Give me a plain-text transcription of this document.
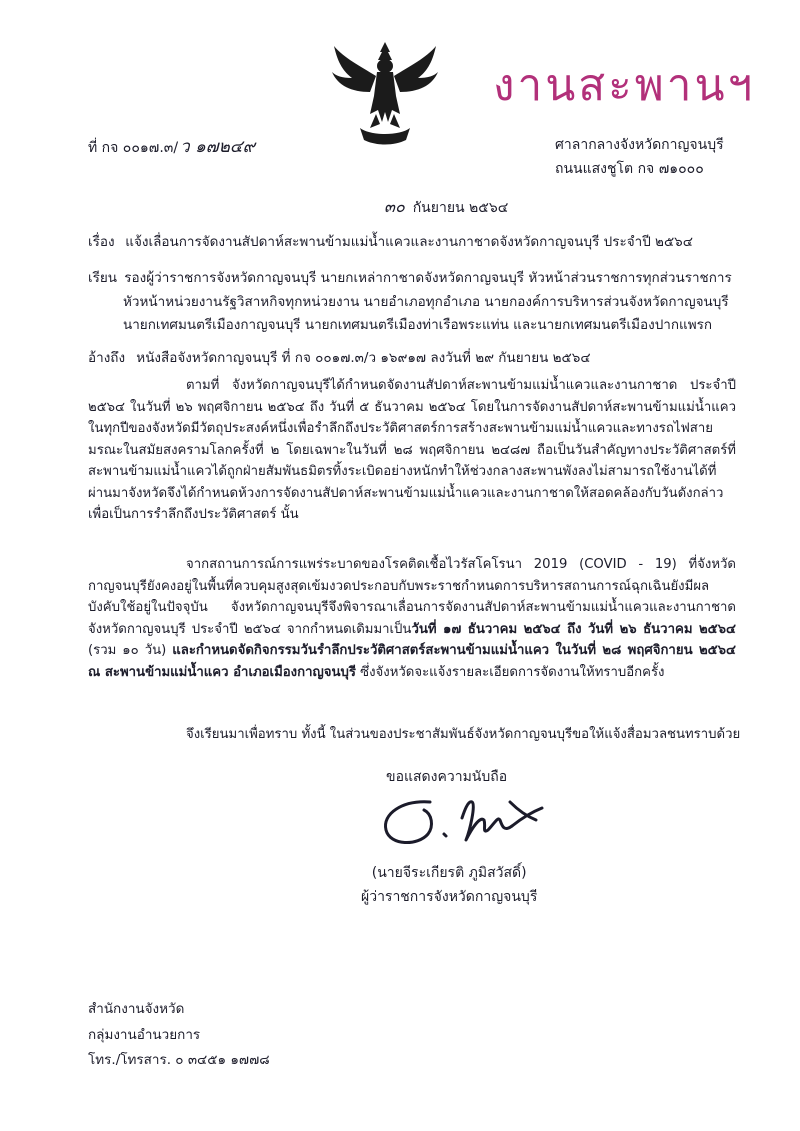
งานสะพานฯ
ที่ กจ ๐๐๑๗.๓/ ว ๑๗๒๔๙	ศาลากลางจังหวัดกาญจนบุรี
ถนนแสงชูโต กจ ๗๑๐๐๐
๓๐ กันยายน ๒๕๖๔
เรื่อง แจ้งเลื่อนการจัดงานสัปดาห์สะพานข้ามแม่น้ำแควและงานกาชาดจังหวัดกาญจนบุรี ประจำปี ๒๕๖๔
เรียน รองผู้ว่าราชการจังหวัดกาญจนบุรี นายกเหล่ากาชาดจังหวัดกาญจนบุรี หัวหน้าส่วนราชการทุกส่วนราชการ
หัวหน้าหน่วยงานรัฐวิสาหกิจทุกหน่วยงาน นายอำเภอทุกอำเภอ นายกองค์การบริหารส่วนจังหวัดกาญจนบุรี
นายกเทศมนตรีเมืองกาญจนบุรี นายกเทศมนตรีเมืองท่าเรือพระแท่น และนายกเทศมนตรีเมืองปากแพรก
อ้างถึง หนังสือจังหวัดกาญจนบุรี ที่ กจ ๐๐๑๗.๓/ว ๑๖๙๑๗ ลงวันที่ ๒๙ กันยายน ๒๕๖๔
ตามที่ จังหวัดกาญจนบุรีได้กำหนดจัดงานสัปดาห์สะพานข้ามแม่น้ำแควและงานกาชาด ประจำปี ๒๕๖๔ ในวันที่ ๒๖ พฤศจิกายน ๒๕๖๔ ถึง วันที่ ๕ ธันวาคม ๒๕๖๔ โดยในการจัดงานสัปดาห์สะพานข้ามแม่น้ำแควในทุกปีของจังหวัดมีวัตถุประสงค์หนึ่งเพื่อรำลึกถึงประวัติศาสตร์การสร้างสะพานข้ามแม่น้ำแควและทางรถไฟสายมรณะในสมัยสงครามโลกครั้งที่ ๒ โดยเฉพาะในวันที่ ๒๘ พฤศจิกายน ๒๔๘๗ ถือเป็นวันสำคัญทางประวัติศาสตร์ที่สะพานข้ามแม่น้ำแควได้ถูกฝ่ายสัมพันธมิตรทิ้งระเบิดอย่างหนักทำให้ช่วงกลางสะพานพังลงไม่สามารถใช้งานได้ที่ผ่านมาจังหวัดจึงได้กำหนดห้วงการจัดงานสัปดาห์สะพานข้ามแม่น้ำแควและงานกาชาดให้สอดคล้องกับวันดังกล่าวเพื่อเป็นการรำลึกถึงประวัติศาสตร์ นั้น
จากสถานการณ์การแพร่ระบาดของโรคติดเชื้อไวรัสโคโรนา 2019 (COVID - 19) ที่จังหวัดกาญจนบุรียังคงอยู่ในพื้นที่ควบคุมสูงสุดเข้มงวดประกอบกับพระราชกำหนดการบริหารสถานการณ์ฉุกเฉินยังมีผลบังคับใช้อยู่ในปัจจุบัน จังหวัดกาญจนบุรีจึงพิจารณาเลื่อนการจัดงานสัปดาห์สะพานข้ามแม่น้ำแควและงานกาชาดจังหวัดกาญจนบุรี ประจำปี ๒๕๖๔ จากกำหนดเดิมมาเป็นวันที่ ๑๗ ธันวาคม ๒๕๖๔ ถึง วันที่ ๒๖ ธันวาคม ๒๕๖๔ (รวม ๑๐ วัน) และกำหนดจัดกิจกรรมวันรำลึกประวัติศาสตร์สะพานข้ามแม่น้ำแคว ในวันที่ ๒๘ พฤศจิกายน ๒๕๖๔ ณ สะพานข้ามแม่น้ำแคว อำเภอเมืองกาญจนบุรี ซึ่งจังหวัดจะแจ้งรายละเอียดการจัดงานให้ทราบอีกครั้ง
จึงเรียนมาเพื่อทราบ ทั้งนี้ ในส่วนของประชาสัมพันธ์จังหวัดกาญจนบุรีขอให้แจ้งสื่อมวลชนทราบด้วย
ขอแสดงความนับถือ
(นายจีระเกียรติ ภูมิสวัสดิ์)
ผู้ว่าราชการจังหวัดกาญจนบุรี
สำนักงานจังหวัด
กลุ่มงานอำนวยการ
โทร./โทรสาร. ๐ ๓๔๕๑ ๑๗๗๘
